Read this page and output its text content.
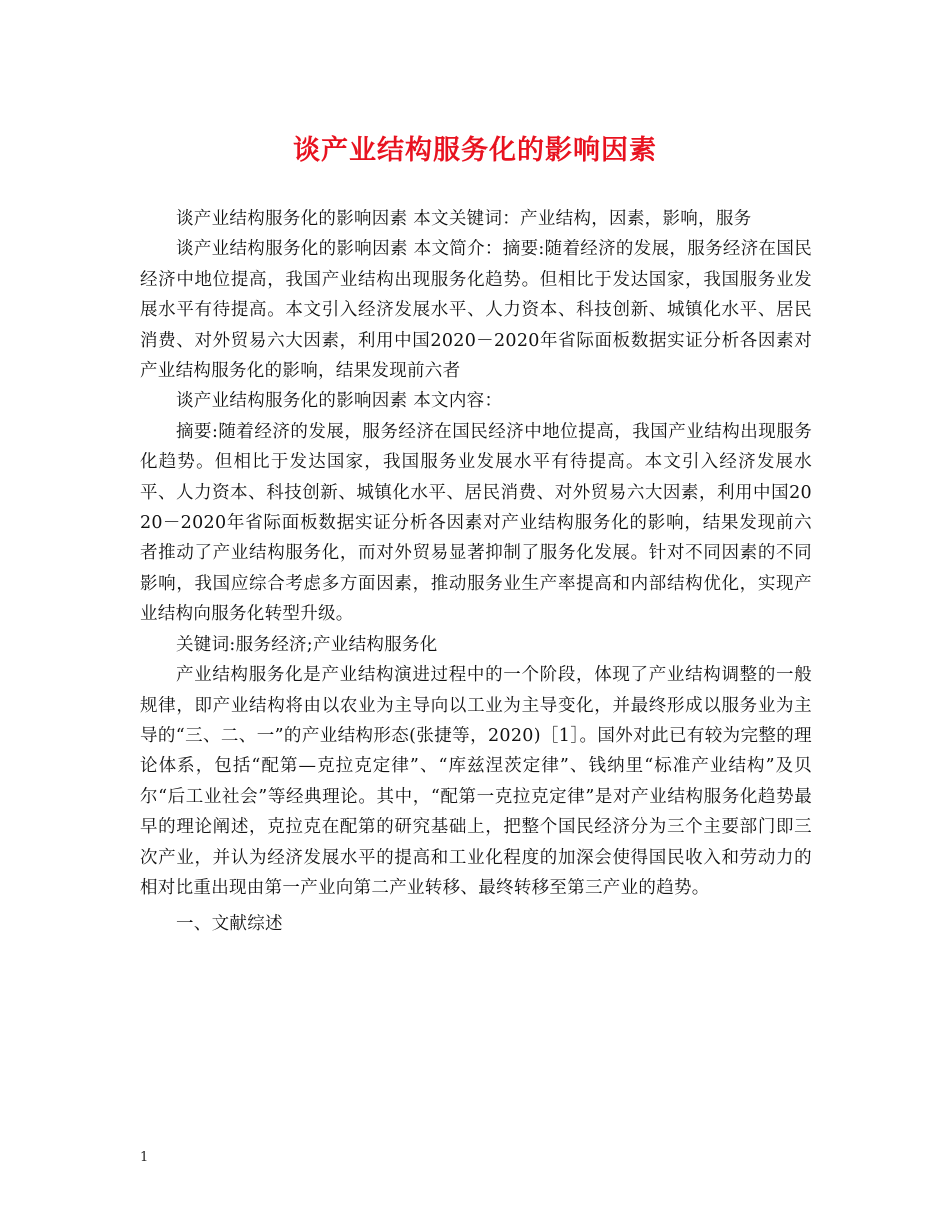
谈产业结构服务化的影响因素

谈产业结构服务化的影响因素 本文关键词：产业结构，因素，影响，服务

谈产业结构服务化的影响因素 本文简介：摘要:随着经济的发展，服务经济在国民经济中地位提高，我国产业结构出现服务化趋势。但相比于发达国家，我国服务业发展水平有待提高。本文引入经济发展水平、人力资本、科技创新、城镇化水平、居民消费、对外贸易六大因素，利用中国2020－2020年省际面板数据实证分析各因素对产业结构服务化的影响，结果发现前六者

谈产业结构服务化的影响因素 本文内容：

摘要:随着经济的发展，服务经济在国民经济中地位提高，我国产业结构出现服务化趋势。但相比于发达国家，我国服务业发展水平有待提高。本文引入经济发展水平、人力资本、科技创新、城镇化水平、居民消费、对外贸易六大因素，利用中国2020－2020年省际面板数据实证分析各因素对产业结构服务化的影响，结果发现前六者推动了产业结构服务化，而对外贸易显著抑制了服务化发展。针对不同因素的不同影响，我国应综合考虑多方面因素，推动服务业生产率提高和内部结构优化，实现产业结构向服务化转型升级。

关键词:服务经济;产业结构服务化

产业结构服务化是产业结构演进过程中的一个阶段，体现了产业结构调整的一般规律，即产业结构将由以农业为主导向以工业为主导变化，并最终形成以服务业为主导的“三、二、一”的产业结构形态(张捷等，2020)［1］。国外对此已有较为完整的理论体系，包括“配第—克拉克定律”、“库兹涅茨定律”、钱纳里“标准产业结构”及贝尔“后工业社会”等经典理论。其中，“配第一克拉克定律”是对产业结构服务化趋势最早的理论阐述，克拉克在配第的研究基础上，把整个国民经济分为三个主要部门即三次产业，并认为经济发展水平的提高和工业化程度的加深会使得国民收入和劳动力的相对比重出现由第一产业向第二产业转移、最终转移至第三产业的趋势。

一、文献综述

1
